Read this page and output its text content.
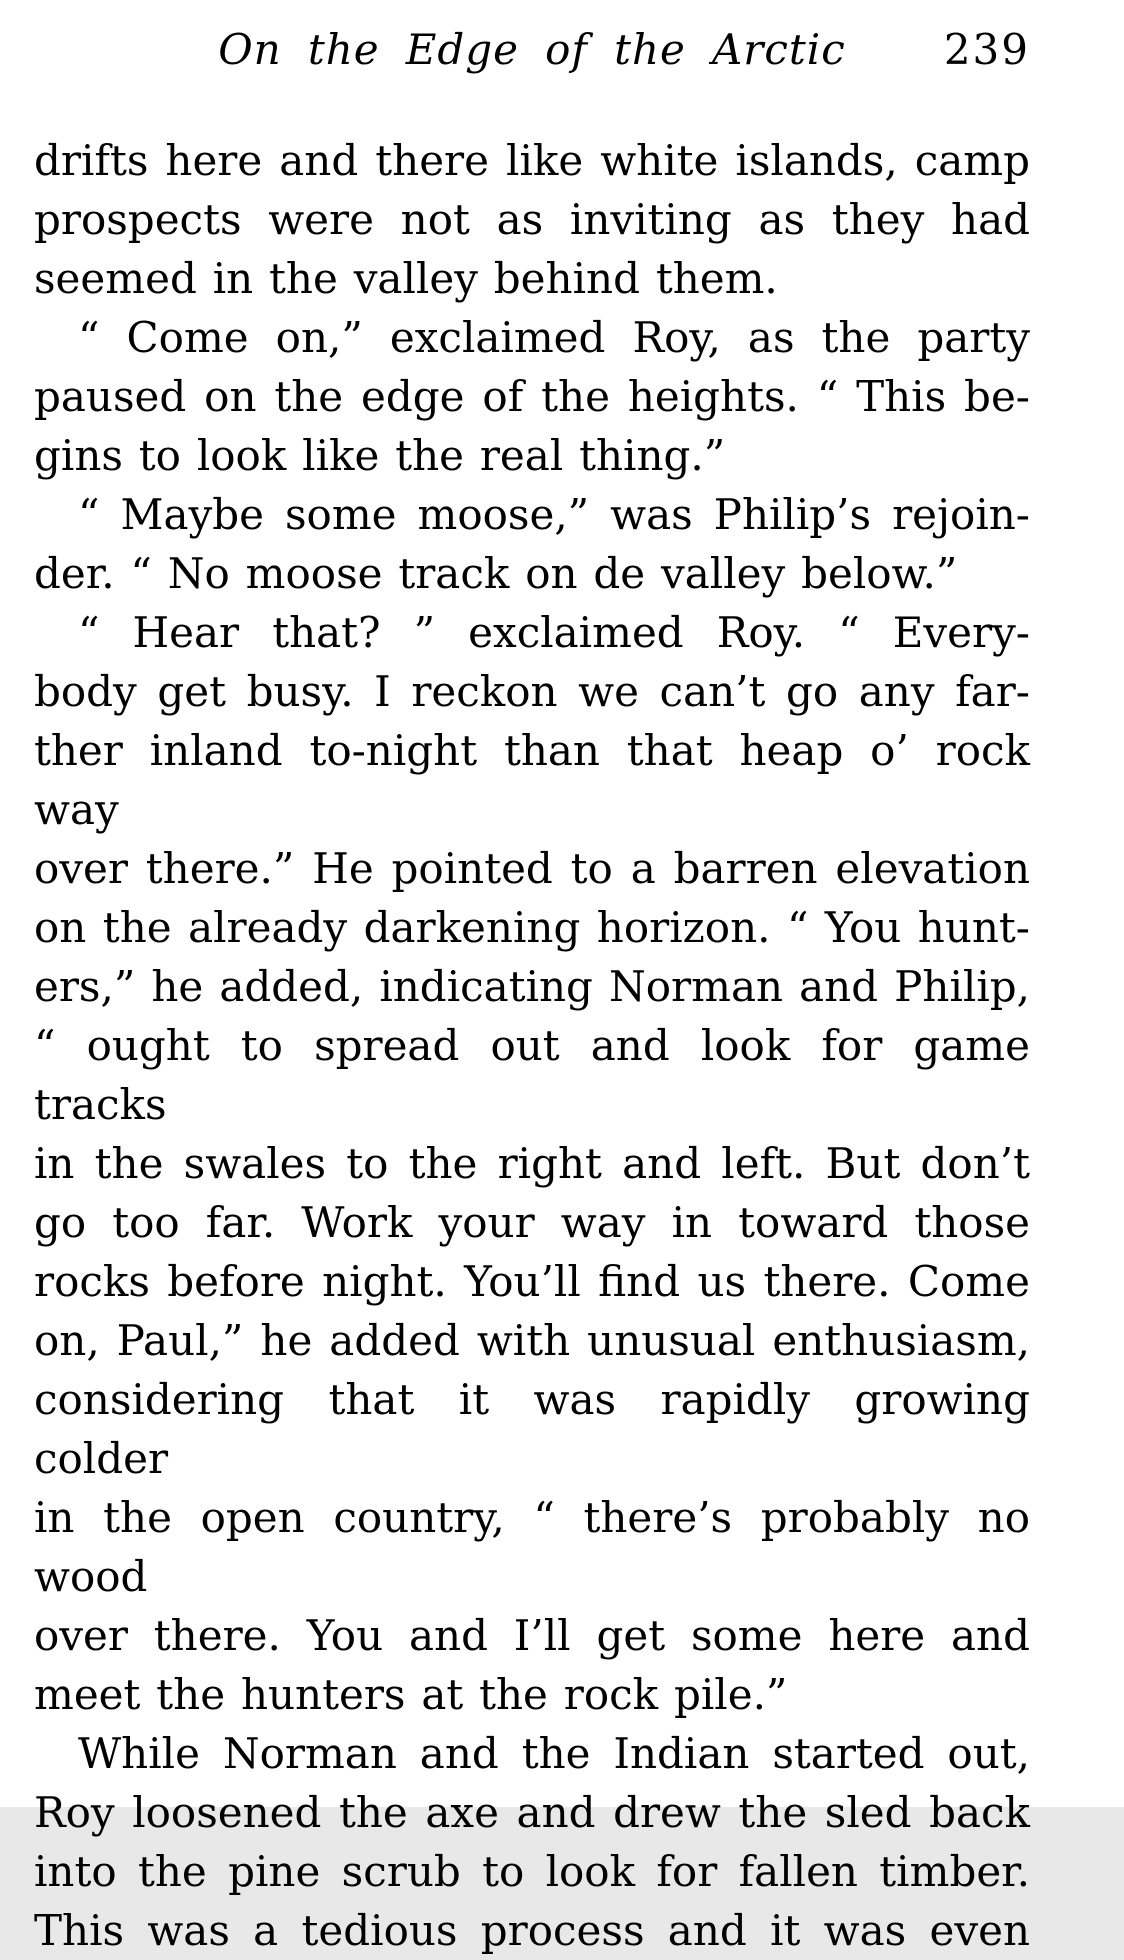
On the Edge of the Arctic	239
drifts here and there like white islands, camp
prospects were not as inviting as they had
seemed in the valley behind them.
“ Come on,” exclaimed Roy, as the party
paused on the edge of the heights. “ This be-
gins to look like the real thing.”
“ Maybe some moose,” was Philip’s rejoin-
der. “ No moose track on de valley below.”
“ Hear that? ” exclaimed Roy. “ Every-
body get busy. I reckon we can’t go any far-
ther inland to-night than that heap o’ rock way
over there.” He pointed to a barren elevation
on the already darkening horizon. “ You hunt-
ers,” he added, indicating Norman and Philip,
“ ought to spread out and look for game tracks
in the swales to the right and left. But don’t
go too far. Work your way in toward those
rocks before night. You’ll find us there. Come
on, Paul,” he added with unusual enthusiasm,
considering that it was rapidly growing colder
in the open country, “ there’s probably no wood
over there. You and I’ll get some here and
meet the hunters at the rock pile.”
While Norman and the Indian started out,
Roy loosened the axe and drew the sled back
into the pine scrub to look for fallen timber.
This was a tedious process and it was even
